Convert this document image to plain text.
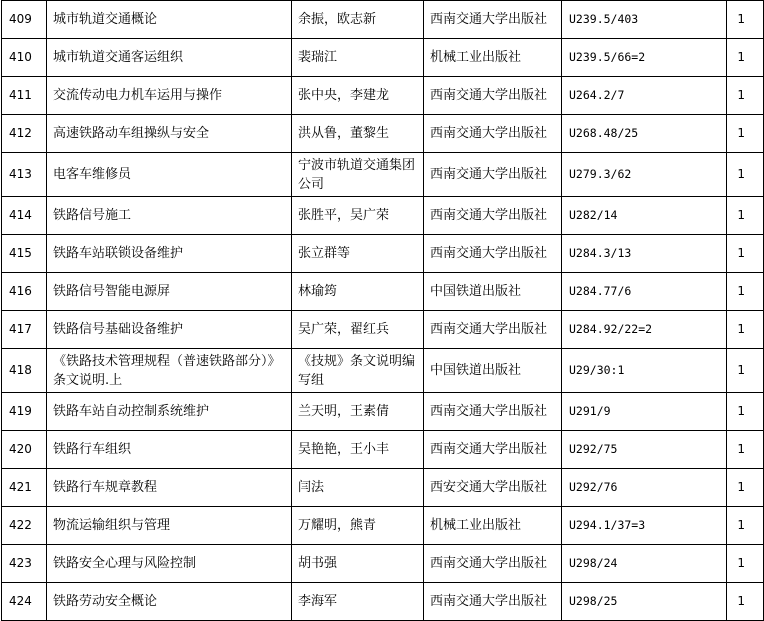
409	城市轨道交通概论	余振，欧志新	西南交通大学出版社	U239.5/403	1
410	城市轨道交通客运组织	裴瑞江	机械工业出版社	U239.5/66=2	1
411	交流传动电力机车运用与操作	张中央，李建龙	西南交通大学出版社	U264.2/7	1
412	高速铁路动车组操纵与安全	洪从鲁，董黎生	西南交通大学出版社	U268.48/25	1
413	电客车维修员	宁波市轨道交通集团公司	西南交通大学出版社	U279.3/62	1
414	铁路信号施工	张胜平，吴广荣	西南交通大学出版社	U282/14	1
415	铁路车站联锁设备维护	张立群等	西南交通大学出版社	U284.3/13	1
416	铁路信号智能电源屏	林瑜筠	中国铁道出版社	U284.77/6	1
417	铁路信号基础设备维护	吴广荣，翟红兵	西南交通大学出版社	U284.92/22=2	1
418	《铁路技术管理规程（普速铁路部分）》条文说明.上	《技规》条文说明编写组	中国铁道出版社	U29/30:1	1
419	铁路车站自动控制系统维护	兰天明，王素倩	西南交通大学出版社	U291/9	1
420	铁路行车组织	吴艳艳，王小丰	西南交通大学出版社	U292/75	1
421	铁路行车规章教程	闫法	西安交通大学出版社	U292/76	1
422	物流运输组织与管理	万耀明，熊青	机械工业出版社	U294.1/37=3	1
423	铁路安全心理与风险控制	胡书强	西南交通大学出版社	U298/24	1
424	铁路劳动安全概论	李海军	西南交通大学出版社	U298/25	1
